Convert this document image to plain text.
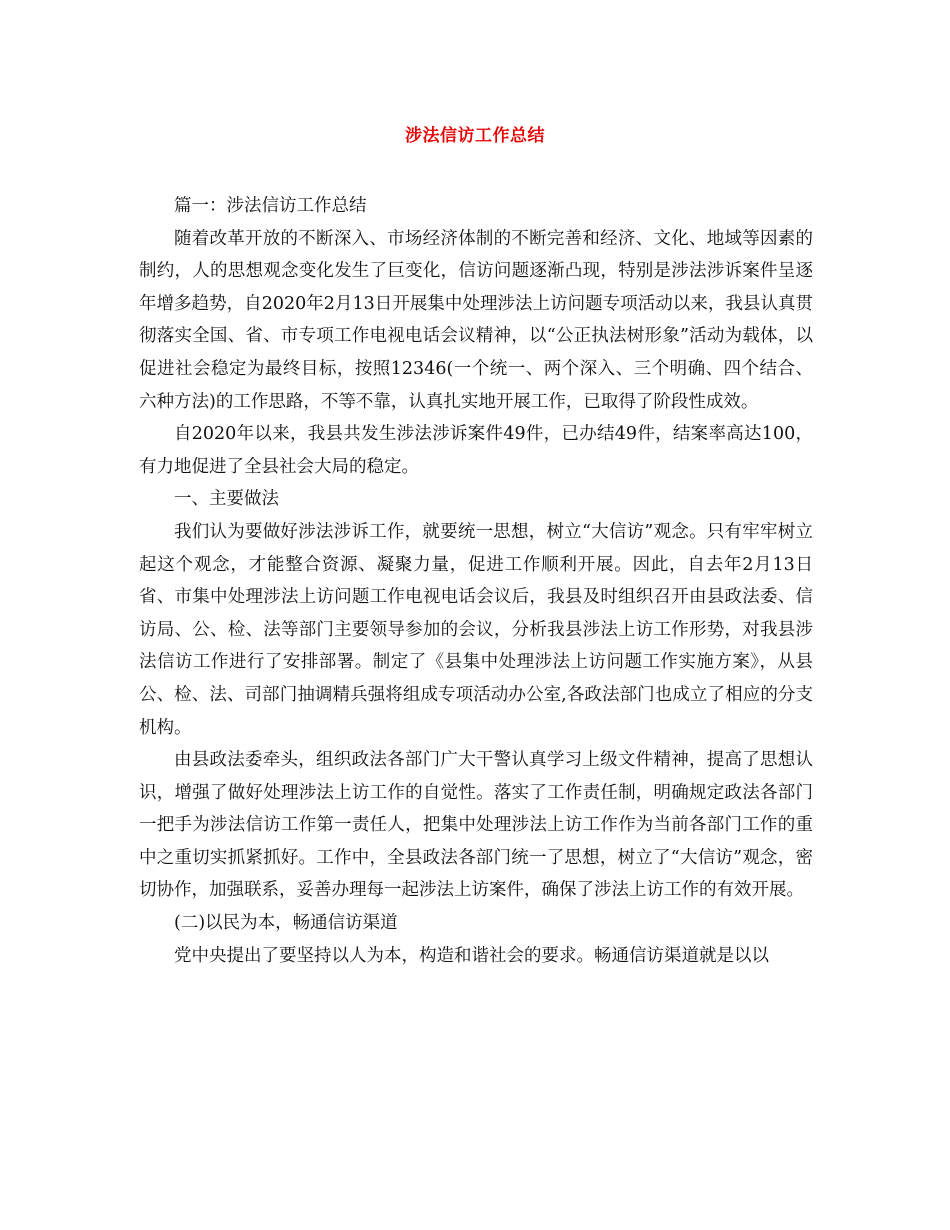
涉法信访工作总结

篇一：涉法信访工作总结

随着改革开放的不断深入、市场经济体制的不断完善和经济、文化、地域等因素的制约，人的思想观念变化发生了巨变化，信访问题逐渐凸现，特别是涉法涉诉案件呈逐年增多趋势，自2020年2月13日开展集中处理涉法上访问题专项活动以来，我县认真贯彻落实全国、省、市专项工作电视电话会议精神，以“公正执法树形象”活动为载体，以促进社会稳定为最终目标，按照12346(一个统一、两个深入、三个明确、四个结合、六种方法)的工作思路，不等不靠，认真扎实地开展工作，已取得了阶段性成效。

自2020年以来，我县共发生涉法涉诉案件49件，已办结49件，结案率高达100，有力地促进了全县社会大局的稳定。

一、主要做法

我们认为要做好涉法涉诉工作，就要统一思想，树立“大信访”观念。只有牢牢树立起这个观念，才能整合资源、凝聚力量，促进工作顺利开展。因此，自去年2月13日省、市集中处理涉法上访问题工作电视电话会议后，我县及时组织召开由县政法委、信访局、公、检、法等部门主要领导参加的会议，分析我县涉法上访工作形势，对我县涉法信访工作进行了安排部署。制定了《县集中处理涉法上访问题工作实施方案》，从县公、检、法、司部门抽调精兵强将组成专项活动办公室,各政法部门也成立了相应的分支机构。

由县政法委牵头，组织政法各部门广大干警认真学习上级文件精神，提高了思想认识，增强了做好处理涉法上访工作的自觉性。落实了工作责任制，明确规定政法各部门一把手为涉法信访工作第一责任人，把集中处理涉法上访工作作为当前各部门工作的重中之重切实抓紧抓好。工作中，全县政法各部门统一了思想，树立了“大信访”观念，密切协作，加强联系，妥善办理每一起涉法上访案件，确保了涉法上访工作的有效开展。

(二)以民为本，畅通信访渠道

党中央提出了要坚持以人为本，构造和谐社会的要求。畅通信访渠道就是以以
